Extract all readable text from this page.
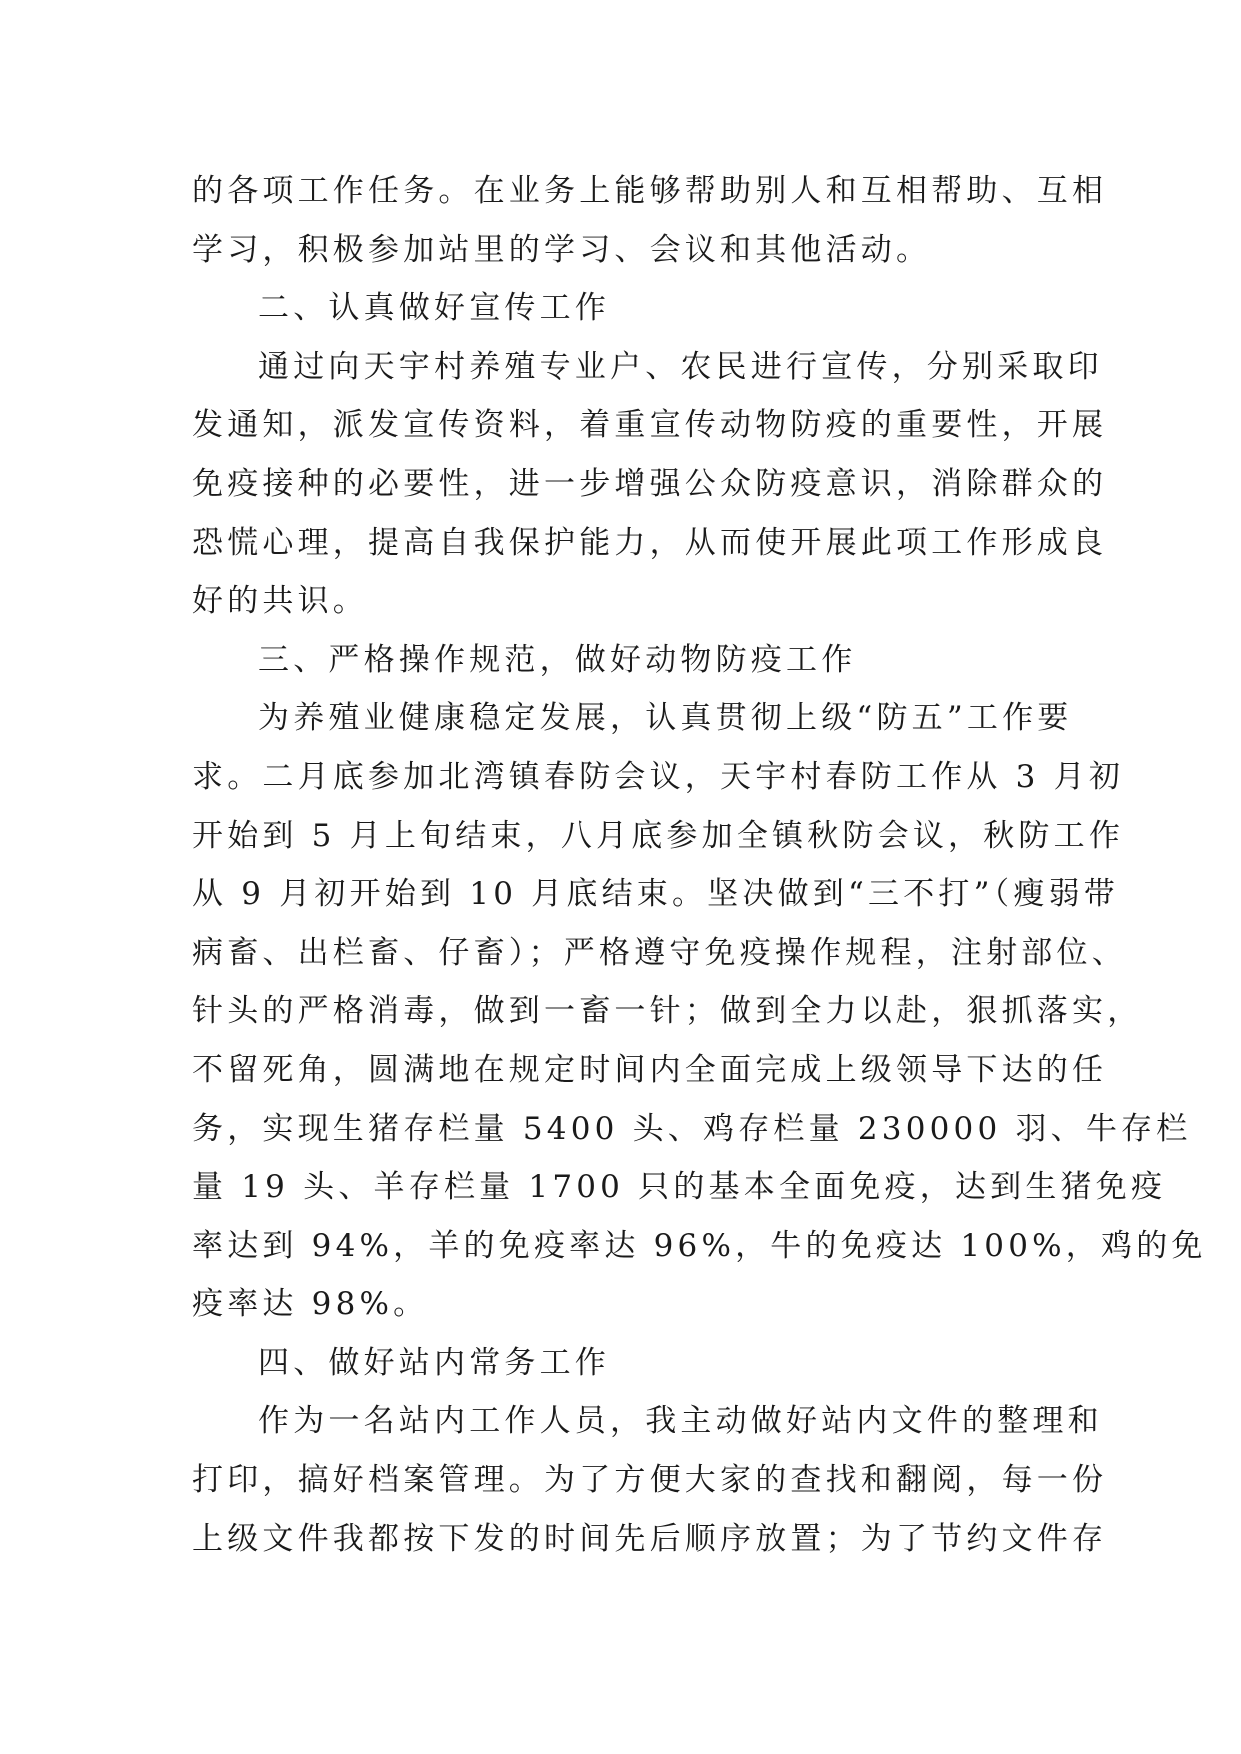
的各项工作任务。在业务上能够帮助别人和互相帮助、互相
学习，积极参加站里的学习、会议和其他活动。
二、认真做好宣传工作
通过向天宇村养殖专业户、农民进行宣传，分别采取印
发通知，派发宣传资料，着重宣传动物防疫的重要性，开展
免疫接种的必要性，进一步增强公众防疫意识，消除群众的
恐慌心理，提高自我保护能力，从而使开展此项工作形成良
好的共识。
三、严格操作规范，做好动物防疫工作
为养殖业健康稳定发展，认真贯彻上级“防五”工作要
求。二月底参加北湾镇春防会议，天宇村春防工作从 3 月初
开始到 5 月上旬结束，八月底参加全镇秋防会议，秋防工作
从 9 月初开始到 10 月底结束。坚决做到“三不打”（瘦弱带
病畜、出栏畜、仔畜）；严格遵守免疫操作规程，注射部位、
针头的严格消毒，做到一畜一针；做到全力以赴，狠抓落实，
不留死角，圆满地在规定时间内全面完成上级领导下达的任
务，实现生猪存栏量 5400 头、鸡存栏量 230000 羽、牛存栏
量 19 头、羊存栏量 1700 只的基本全面免疫，达到生猪免疫
率达到 94%，羊的免疫率达 96%，牛的免疫达 100%，鸡的免
疫率达 98%。
四、做好站内常务工作
作为一名站内工作人员，我主动做好站内文件的整理和
打印，搞好档案管理。为了方便大家的查找和翻阅，每一份
上级文件我都按下发的时间先后顺序放置；为了节约文件存
